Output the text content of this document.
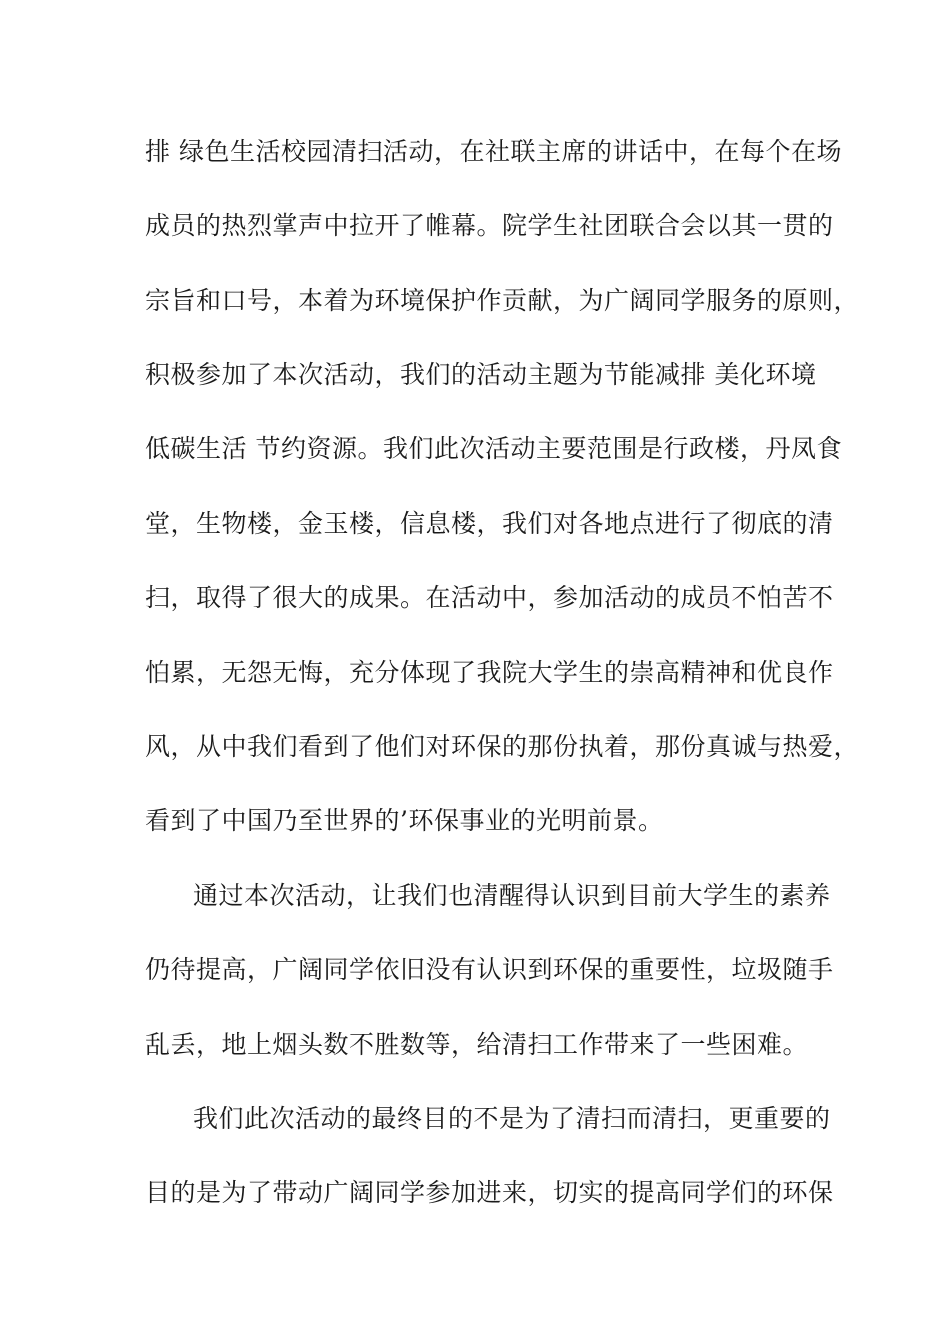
排 绿色生活校园清扫活动，在社联主席的讲话中，在每个在场

成员的热烈掌声中拉开了帷幕。院学生社团联合会以其一贯的

宗旨和口号，本着为环境保护作贡献，为广阔同学服务的原则，

积极参加了本次活动，我们的活动主题为节能减排 美化环境

低碳生活 节约资源。我们此次活动主要范围是行政楼，丹凤食

堂，生物楼，金玉楼，信息楼，我们对各地点进行了彻底的清

扫，取得了很大的成果。在活动中，参加活动的成员不怕苦不

怕累，无怨无悔，充分体现了我院大学生的崇高精神和优良作

风，从中我们看到了他们对环保的那份执着，那份真诚与热爱，

看到了中国乃至世界的’环保事业的光明前景。

通过本次活动，让我们也清醒得认识到目前大学生的素养

仍待提高，广阔同学依旧没有认识到环保的重要性，垃圾随手

乱丢，地上烟头数不胜数等，给清扫工作带来了一些困难。

我们此次活动的最终目的不是为了清扫而清扫，更重要的

目的是为了带动广阔同学参加进来，切实的提高同学们的环保
